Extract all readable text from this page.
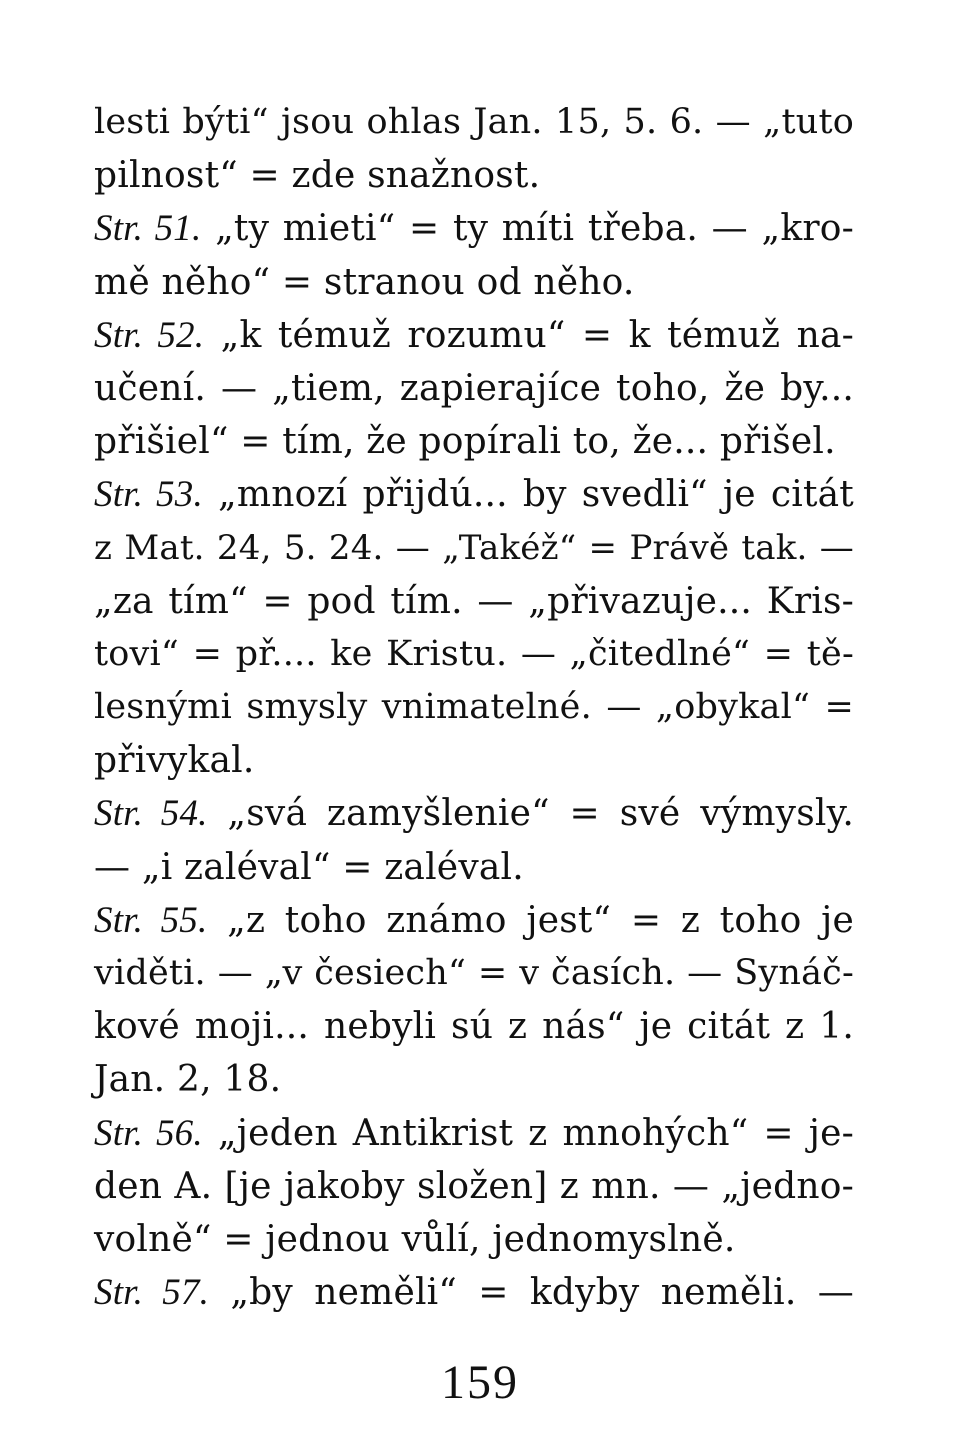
lesti býti“ jsou ohlas Jan. 15, 5. 6. — „tuto
pilnost“ = zde snažnost.
Str. 51. „ty mieti“ = ty míti třeba. — „kro-
mě něho“ = stranou od něho.
Str. 52. „k témuž rozumu“ = k témuž na-
učení. — „tiem, zapierajíce toho, že by...
přišiel“ = tím, že popírali to, že... přišel.
Str. 53. „mnozí přijdú... by svedli“ je citát
z Mat. 24, 5. 24. — „Takéž“ = Právě tak. —
„za tím“ = pod tím. — „přivazuje... Kris-
tovi“ = př.... ke Kristu. — „čitedlné“ = tě-
lesnými smysly vnimatelné. — „obykal“ =
přivykal.
Str. 54. „svá zamyšlenie“ = své výmysly.
— „i zaléval“ = zaléval.
Str. 55. „z toho známo jest“ = z toho je
viděti. — „v česiech“ = v časích. — Synáč-
kové moji... nebyli sú z nás“ je citát z 1.
Jan. 2, 18.
Str. 56. „jeden Antikrist z mnohých“ = je-
den A. [je jakoby složen] z mn. — „jedno-
volně“ = jednou vůlí, jednomyslně.
Str. 57. „by neměli“ = kdyby neměli. —
159
